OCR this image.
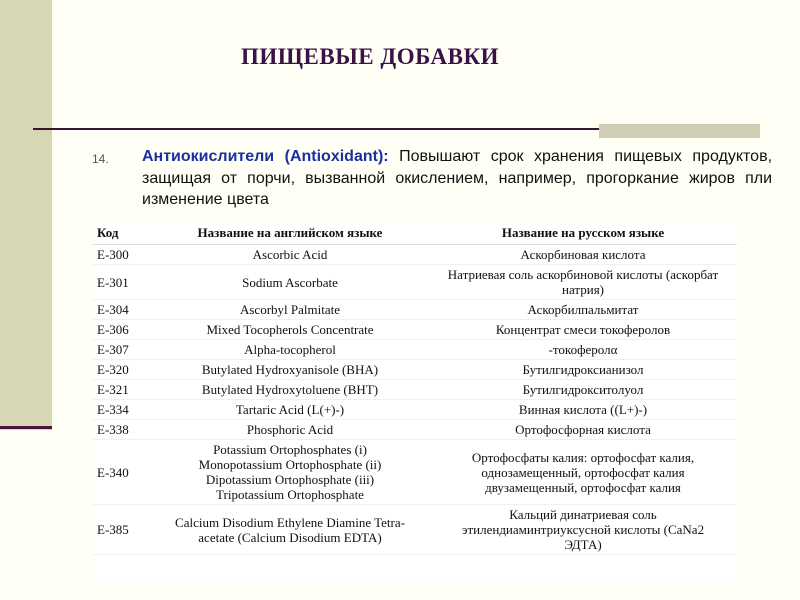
ПИЩЕВЫЕ ДОБАВКИ
14. Антиокислители (Antioxidant): Повышают срок хранения пищевых продуктов, защищая от порчи, вызванной окислением, например, прогоркание жиров пли изменение цвета
Код	Название на английском языке	Название на русском языке
Е-300	Ascorbic Acid	Аскорбиновая кислота
Е-301	Sodium Ascorbate	Натриевая соль аскорбиновой кислоты (аскорбат
натрия)
Е-304	Ascorbyl Palmitate	Аскорбилпальмитат
Е-306	Mixed Tocopherols Concentrate	Концентрат смеси токоферолов
Е-307	Alpha-tocopherol	-токоферолα
Е-320	Butylated Hydroxyanisole (BHA)	Бутилгидроксианизол
Е-321	Butylated Hydroxytoluene (BHT)	Бутилгидрокситолуол
Е-334	Tartaric Acid (L(+)-)	Винная кислота ((L+)-)
Е-338	Phosphoric Acid	Ортофосфорная кислота
Е-340	Potassium Ortophosphates (i)
Monopotassium Ortophosphate (ii)
Dipotassium Ortophosphate (iii)
Tripotassium Ortophosphate	Ортофосфаты калия: ортофосфат калия,
однозамещенный, ортофосфат калия
двузамещенный, ортофосфат калия
Е-385	Calcium Disodium Ethylene Diamine Tetra-
acetate (Calcium Disodium EDTA)	Кальций динатриевая соль
этилендиаминтриуксусной кислоты (CaNa2
ЭДТА)
